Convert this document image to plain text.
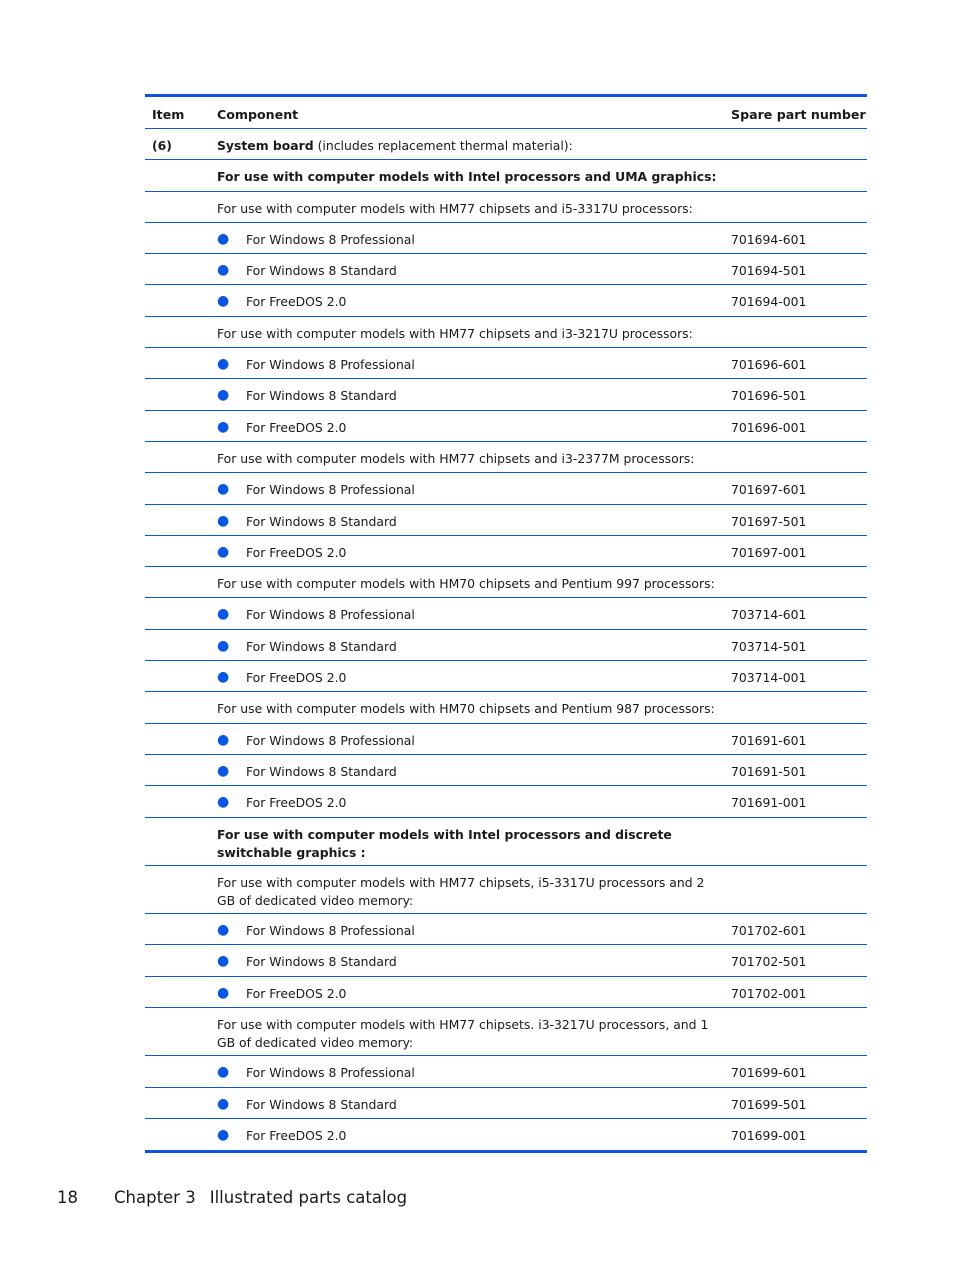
Item	Component	Spare part number
(6)	System board (includes replacement thermal material):
For use with computer models with Intel processors and UMA graphics:
For use with computer models with HM77 chipsets and i5-3317U processors:
● For Windows 8 Professional	701694-601
● For Windows 8 Standard	701694-501
● For FreeDOS 2.0	701694-001
For use with computer models with HM77 chipsets and i3-3217U processors:
● For Windows 8 Professional	701696-601
● For Windows 8 Standard	701696-501
● For FreeDOS 2.0	701696-001
For use with computer models with HM77 chipsets and i3-2377M processors:
● For Windows 8 Professional	701697-601
● For Windows 8 Standard	701697-501
● For FreeDOS 2.0	701697-001
For use with computer models with HM70 chipsets and Pentium 997 processors:
● For Windows 8 Professional	703714-601
● For Windows 8 Standard	703714-501
● For FreeDOS 2.0	703714-001
For use with computer models with HM70 chipsets and Pentium 987 processors:
● For Windows 8 Professional	701691-601
● For Windows 8 Standard	701691-501
● For FreeDOS 2.0	701691-001
For use with computer models with Intel processors and discrete switchable graphics :
For use with computer models with HM77 chipsets, i5-3317U processors and 2 GB of dedicated video memory:
● For Windows 8 Professional	701702-601
● For Windows 8 Standard	701702-501
● For FreeDOS 2.0	701702-001
For use with computer models with HM77 chipsets. i3-3217U processors, and 1 GB of dedicated video memory:
● For Windows 8 Professional	701699-601
● For Windows 8 Standard	701699-501
● For FreeDOS 2.0	701699-001
18 Chapter 3 Illustrated parts catalog
